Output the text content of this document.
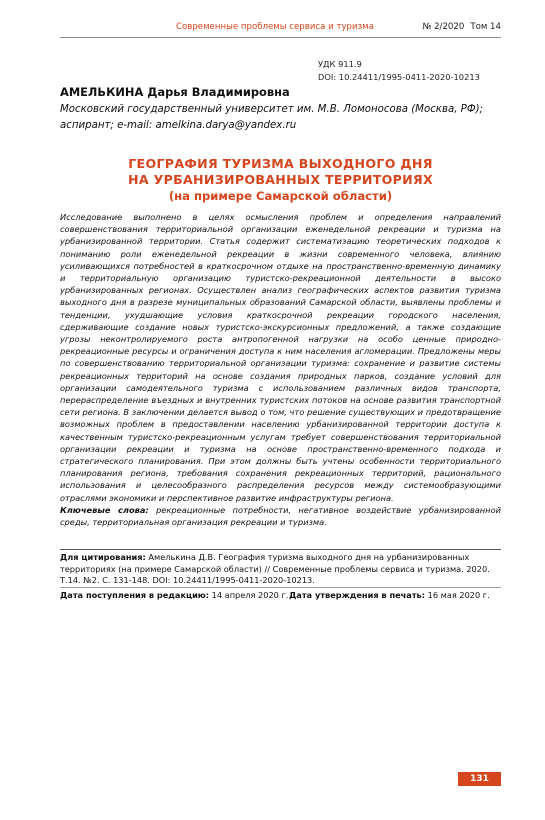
Современные проблемы сервиса и туризма	№ 2/2020 Том 14
УДК 911.9
DOI: 10.24411/1995-0411-2020-10213
АМЕЛЬКИНА Дарья Владимировна
Московский государственный университет им. М.В. Ломоносова (Москва, РФ);
аспирант; e-mail: amelkina.darya@yandex.ru
ГЕОГРАФИЯ ТУРИЗМА ВЫХОДНОГО ДНЯ
НА УРБАНИЗИРОВАННЫХ ТЕРРИТОРИЯХ
(на примере Самарской области)

Исследование выполнено в целях осмысления проблем и определения направлений совершенствования территориальной организации еженедельной рекреации и туризма на урбанизированной территории. Статья содержит систематизацию теоретических подходов к пониманию роли еженедельной рекреации в жизни современного человека, влиянию усиливающихся потребностей в краткосрочном отдыхе на пространственно-временную динамику и территориальную организацию туристско-рекреационной деятельности в высоко урбанизированных регионах. Осуществлен анализ географических аспектов развития туризма выходного дня в разрезе муниципальных образований Самарской области, выявлены проблемы и тенденции, ухудшающие условия краткосрочной рекреации городского населения, сдерживающие создание новых туристско-экскурсионных предложений, а также создающие угрозы неконтролируемого роста антропогенной нагрузки на особо ценные природно-рекреационные ресурсы и ограничения доступа к ним населения агломерации. Предложены меры по совершенствованию территориальной организации туризма: сохранение и развитие системы рекреационных территорий на основе создания природных парков, создание условий для организации самодеятельного туризма с использованием различных видов транспорта, перераспределение въездных и внутренних туристских потоков на основе развития транспортной сети региона. В заключении делается вывод о том, что решение существующих и предотвращение возможных проблем в предоставлении населению урбанизированной территории доступа к качественным туристско-рекреационным услугам требует совершенствования территориальной организации рекреации и туризма на основе пространственно-временного подхода и стратегического планирования. При этом должны быть учтены особенности территориального планирования региона, требования сохранения рекреационных территорий, рационального использования и целесообразного распределения ресурсов между системообразующими отраслями экономики и перспективное развитие инфраструктуры региона.

Ключевые слова: рекреационные потребности, негативное воздействие урбанизированной среды, территориальная организация рекреации и туризма.

Для цитирования: Амелькина Д.В. География туризма выходного дня на урбанизированных территориях (на примере Самарской области) // Современные проблемы сервиса и туризма. 2020. Т.14. №2. С. 131-148. DOI: 10.24411/1995-0411-2020-10213.
Дата поступления в редакцию: 14 апреля 2020 г. Дата утверждения в печать: 16 мая 2020 г.
131
